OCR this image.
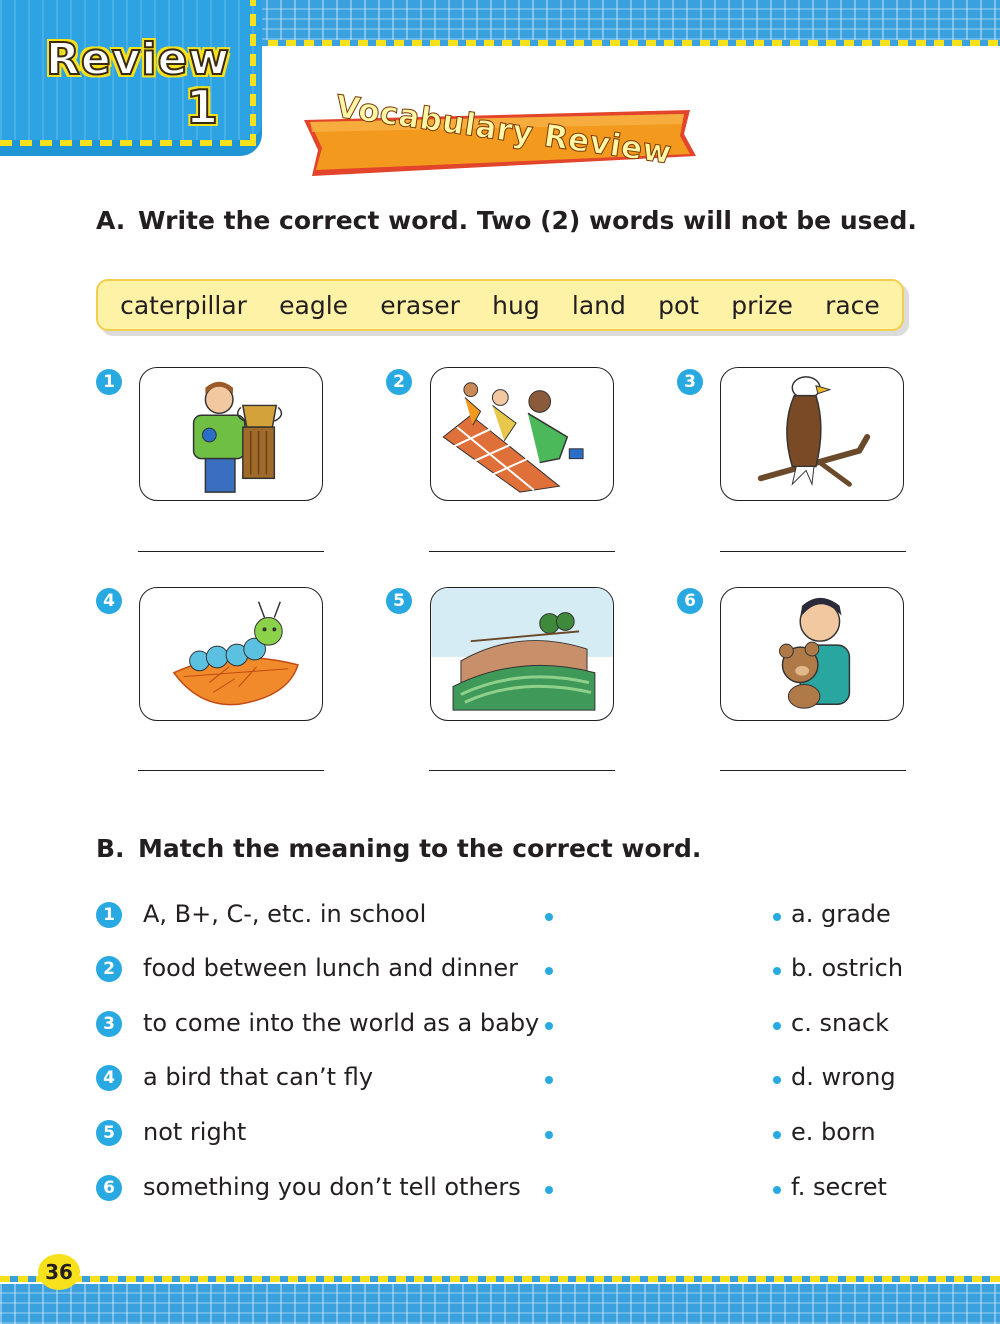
Review
1	Vocabulary Review
A. Write the correct word. Two (2) words will not be used.
caterpillar eagle eraser hug land pot prize race
1	2	3
4	5	6
B. Match the meaning to the correct word.
1 A, B+, C-, etc. in school	a. grade
2 food between lunch and dinner	b. ostrich
3 to come into the world as a baby	c. snack
4 a bird that can’t fly	d. wrong
5 not right	e. born
6 something you don’t tell others	f. secret
36
